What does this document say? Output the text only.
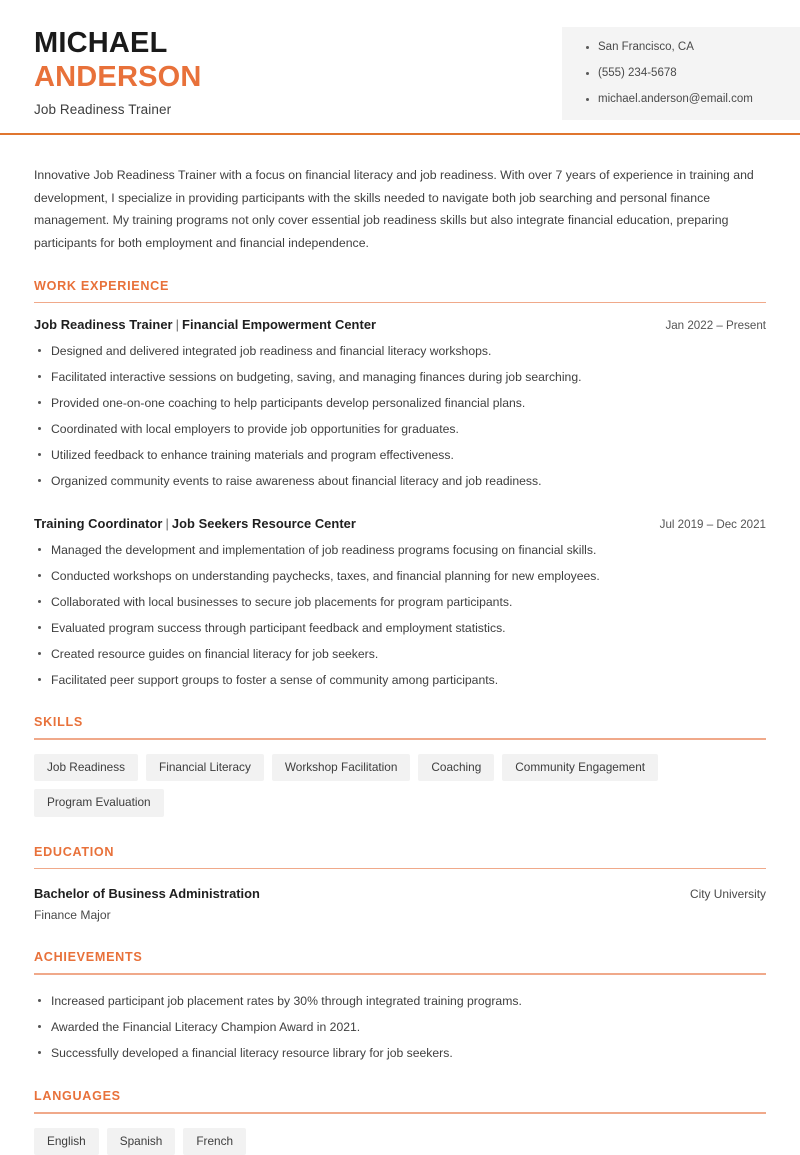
MICHAEL
ANDERSON
Job Readiness Trainer
San Francisco, CA
(555) 234-5678
michael.anderson@email.com

Innovative Job Readiness Trainer with a focus on financial literacy and job readiness. With over 7 years of experience in training and development, I specialize in providing participants with the skills needed to navigate both job searching and personal finance management. My training programs not only cover essential job readiness skills but also integrate financial education, preparing participants for both employment and financial independence.

WORK EXPERIENCE
Job Readiness Trainer | Financial Empowerment Center	Jan 2022 – Present
Designed and delivered integrated job readiness and financial literacy workshops.
Facilitated interactive sessions on budgeting, saving, and managing finances during job searching.
Provided one-on-one coaching to help participants develop personalized financial plans.
Coordinated with local employers to provide job opportunities for graduates.
Utilized feedback to enhance training materials and program effectiveness.
Organized community events to raise awareness about financial literacy and job readiness.
Training Coordinator | Job Seekers Resource Center	Jul 2019 – Dec 2021
Managed the development and implementation of job readiness programs focusing on financial skills.
Conducted workshops on understanding paychecks, taxes, and financial planning for new employees.
Collaborated with local businesses to secure job placements for program participants.
Evaluated program success through participant feedback and employment statistics.
Created resource guides on financial literacy for job seekers.
Facilitated peer support groups to foster a sense of community among participants.
SKILLS
Job Readiness	Financial Literacy	Workshop Facilitation	Coaching	Community Engagement
Program Evaluation
EDUCATION
Bachelor of Business Administration	City University
Finance Major
ACHIEVEMENTS
Increased participant job placement rates by 30% through integrated training programs.
Awarded the Financial Literacy Champion Award in 2021.
Successfully developed a financial literacy resource library for job seekers.
LANGUAGES
English	Spanish	French
